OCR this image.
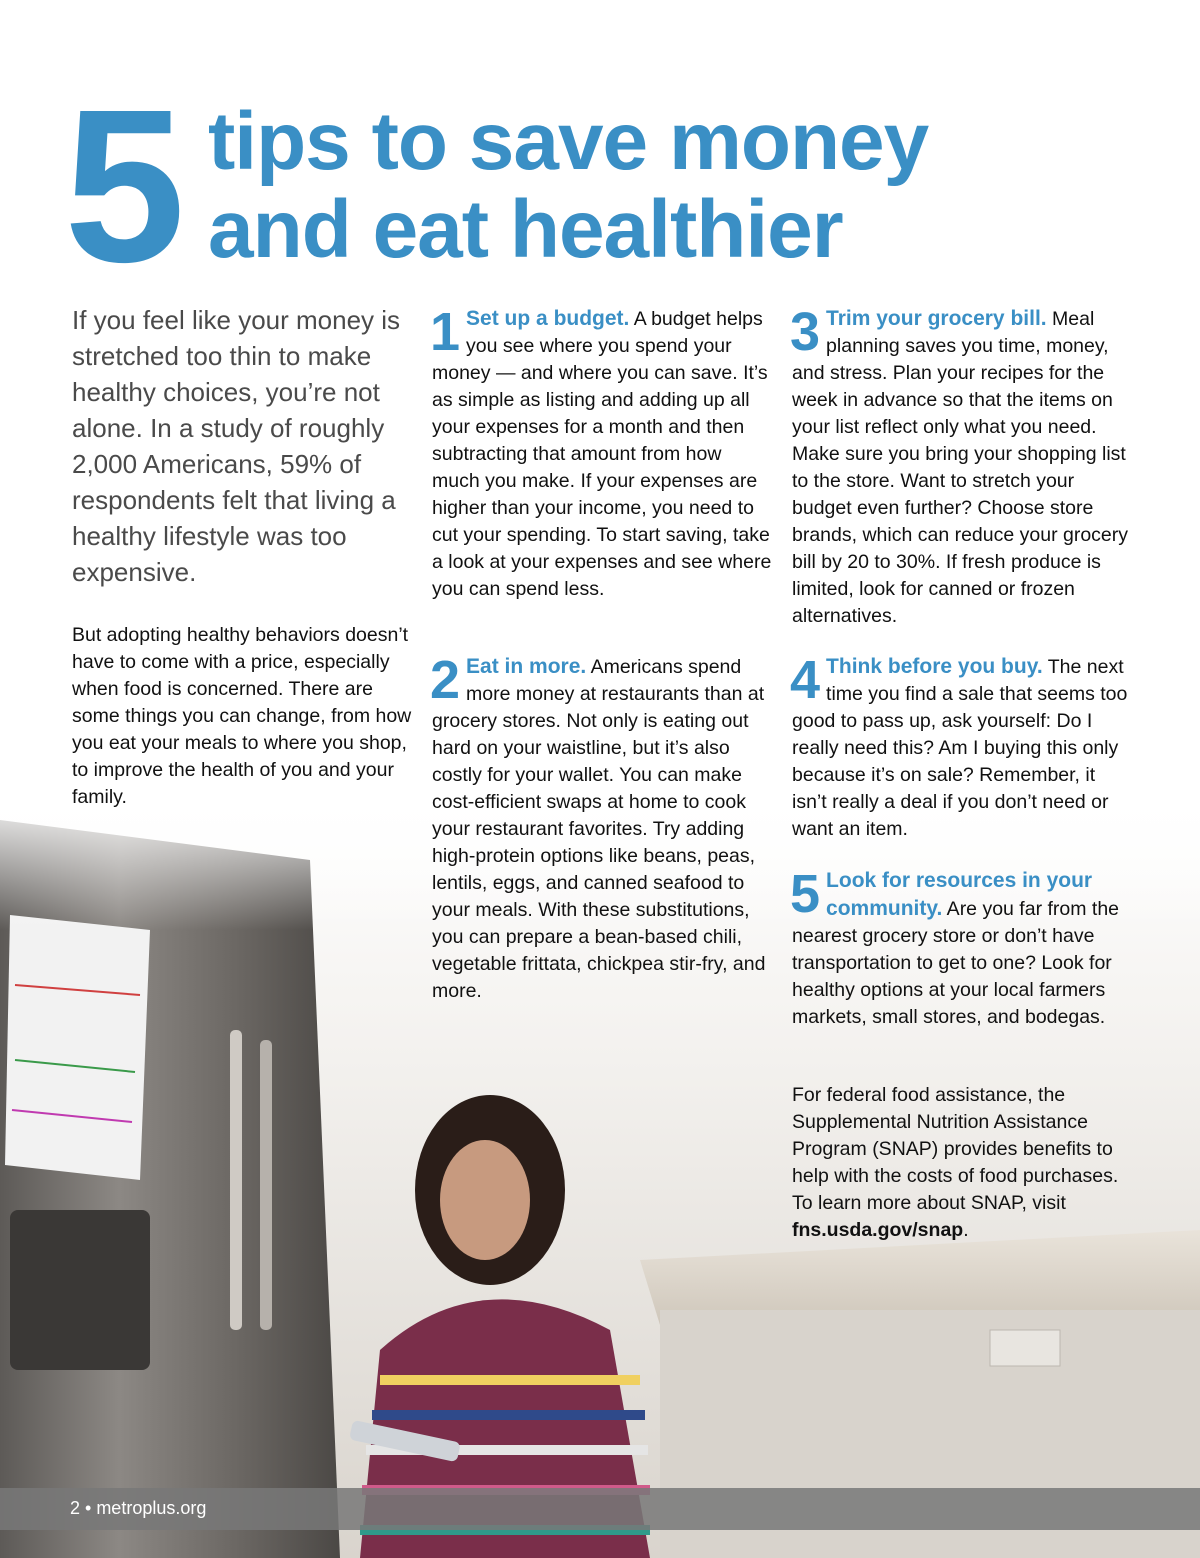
5 tips to save money
and eat healthier
If you feel like your money is stretched too thin to make healthy choices, you’re not alone. In a study of roughly 2,000 Americans, 59% of respondents felt that living a healthy lifestyle was too expensive.
But adopting healthy behaviors doesn’t have to come with a price, especially when food is concerned. There are some things you can change, from how you eat your meals to where you shop, to improve the health of you and your family.
1 Set up a budget. A budget helps you see where you spend your money — and where you can save. It’s as simple as listing and adding up all your expenses for a month and then subtracting that amount from how much you make. If your expenses are higher than your income, you need to cut your spending. To start saving, take a look at your expenses and see where you can spend less.
2 Eat in more. Americans spend more money at restaurants than at grocery stores. Not only is eating out hard on your waistline, but it’s also costly for your wallet. You can make cost-efficient swaps at home to cook your restaurant favorites. Try adding high-protein options like beans, peas, lentils, eggs, and canned seafood to your meals. With these substitutions, you can prepare a bean-based chili, vegetable frittata, chickpea stir-fry, and more.
3 Trim your grocery bill. Meal planning saves you time, money, and stress. Plan your recipes for the week in advance so that the items on your list reflect only what you need. Make sure you bring your shopping list to the store. Want to stretch your budget even further? Choose store brands, which can reduce your grocery bill by 20 to 30%. If fresh produce is limited, look for canned or frozen alternatives.
4 Think before you buy. The next time you find a sale that seems too good to pass up, ask yourself: Do I really need this? Am I buying this only because it’s on sale? Remember, it isn’t really a deal if you don’t need or want an item.
5 Look for resources in your community. Are you far from the nearest grocery store or don’t have transportation to get to one? Look for healthy options at your local farmers markets, small stores, and bodegas.
For federal food assistance, the Supplemental Nutrition Assistance Program (SNAP) provides benefits to help with the costs of food purchases. To learn more about SNAP, visit fns.usda.gov/snap.
2 • metroplus.org
